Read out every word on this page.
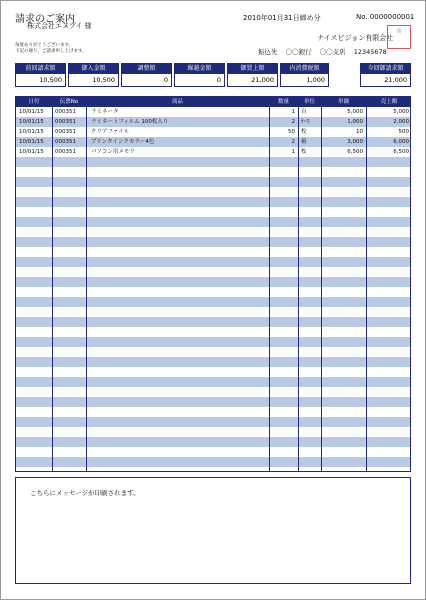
請求のご案内
株式会社エヌブイ 様
2010年01月31日締め分	No. 0000000001
毎度ありがとうございます。
下記の通り、ご請求申し上げます。
ナイスビジョン有限会社
印
振込先 〇〇銀行 〇〇支店 12345678
前回請求額	御入金額	調整額	繰越金額	御買上額	内消費税額	今回御請求額
10,500	10,500	0	0	21,000	1,000	21,000
日付	伝票No	商品	数量	単位	単価	売上額
10/01/15	000351	ラミネータ	1 台	5,000	5,000
10/01/15	000351	ラミネートフィルム 100枚入り	2 ｹｰｽ	1,000	2,000
10/01/15	000351	クリアファイル	50 枚	10	500
10/01/15	000351	プリンタインクカラー4色	2 箱	3,000	6,000
10/01/15	000351	パソコン用メモリ	1 枚	6,500	6,500
こちらにメッセージが印刷されます。
